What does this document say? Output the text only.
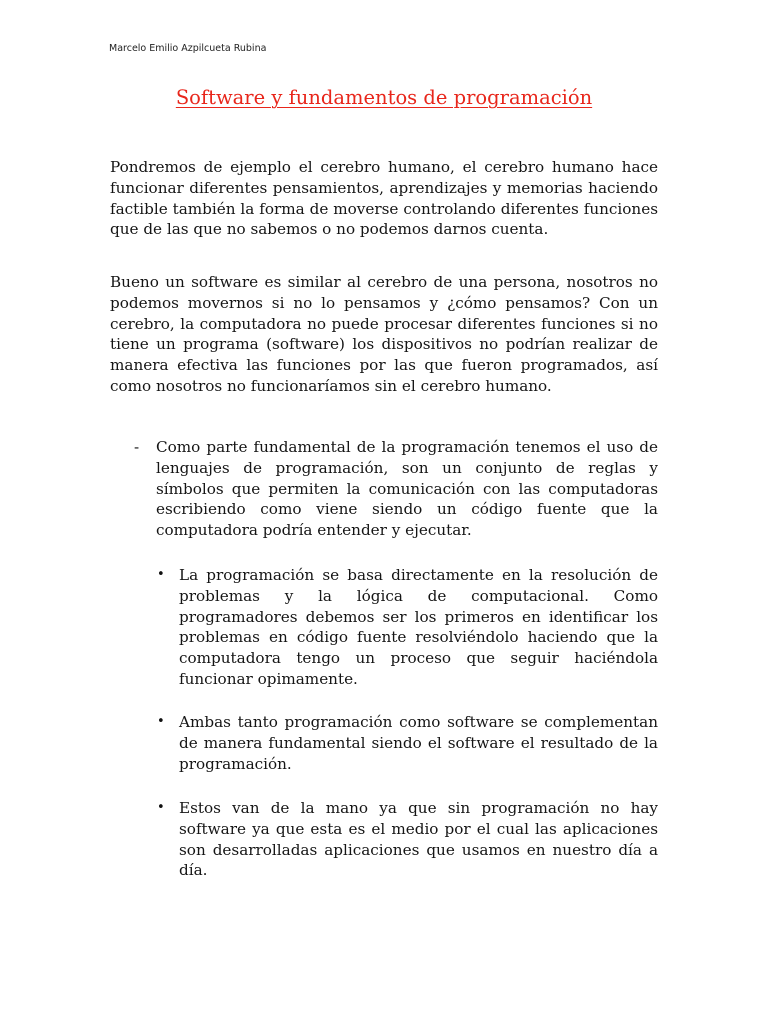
Marcelo Emilio Azpilcueta Rubina

Software y fundamentos de programación

Pondremos de ejemplo el cerebro humano, el cerebro humano hace funcionar diferentes pensamientos, aprendizajes y memorias haciendo factible también la forma de moverse controlando diferentes funciones que de las que no sabemos o no podemos darnos cuenta.

Bueno un software es similar al cerebro de una persona, nosotros no podemos movernos si no lo pensamos y ¿cómo pensamos? Con un cerebro, la computadora no puede procesar diferentes funciones si no tiene un programa (software) los dispositivos no podrían realizar de manera efectiva las funciones por las que fueron programados, así como nosotros no funcionaríamos sin el cerebro humano.

- Como parte fundamental de la programación tenemos el uso de lenguajes de programación, son un conjunto de reglas y símbolos que permiten la comunicación con las computadoras escribiendo como viene siendo un código fuente que la computadora podría entender y ejecutar.

• La programación se basa directamente en la resolución de problemas y la lógica de computacional. Como programadores debemos ser los primeros en identificar los problemas en código fuente resolviéndolo haciendo que la computadora tengo un proceso que seguir haciéndola funcionar opimamente.

• Ambas tanto programación como software se complementan de manera fundamental siendo el software el resultado de la programación.

• Estos van de la mano ya que sin programación no hay software ya que esta es el medio por el cual las aplicaciones son desarrolladas aplicaciones que usamos en nuestro día a día.
